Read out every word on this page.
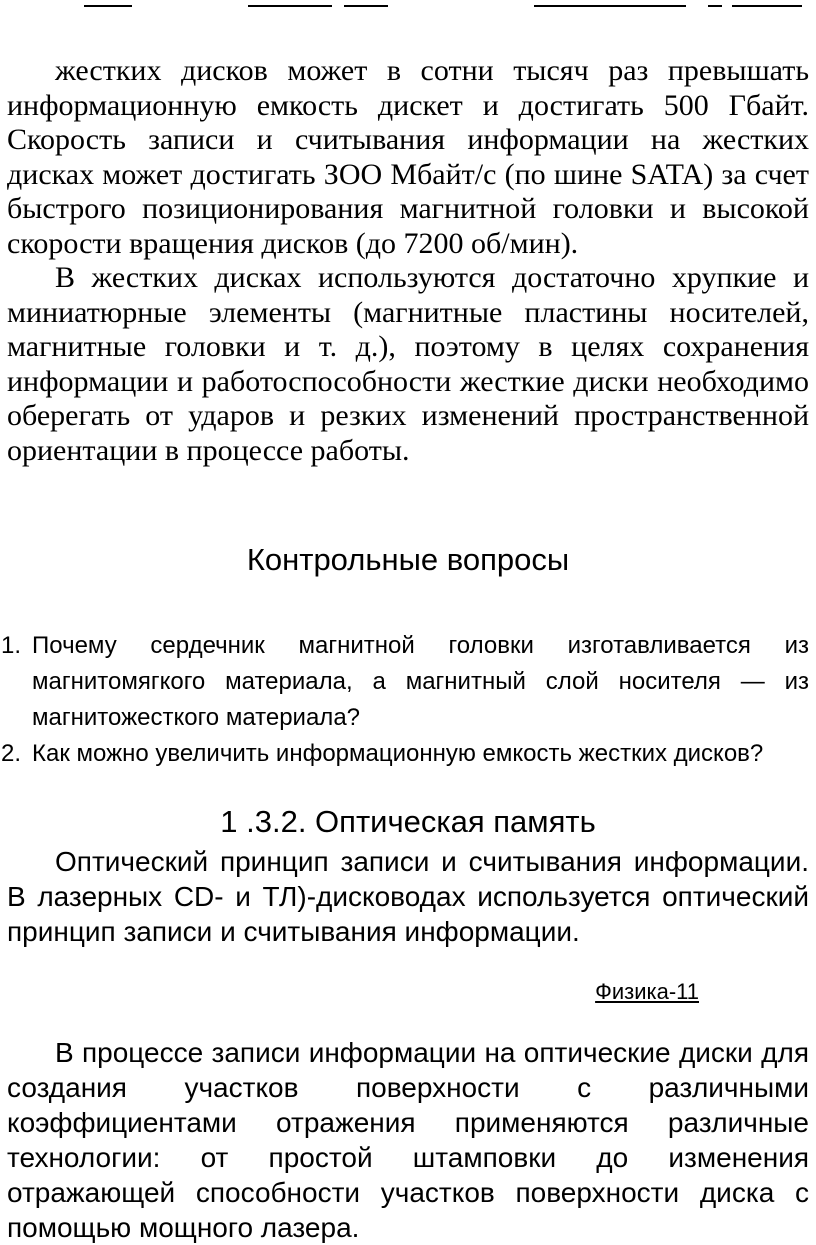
жестких дисков может в сотни тысяч раз превышать информационную емкость дискет и достигать 500 Гбайт. Скорость записи и считывания информации на жестких дисках может достигать ЗОО Мбайт/с (по шине SATA) за счет быстрого позиционирования магнитной головки и высокой скорости вращения дисков (до 7200 об/мин).

В жестких дисках используются достаточно хрупкие и миниатюрные элементы (магнитные пластины носителей, магнитные головки и т. д.), поэтому в целях сохранения информации и работоспособности жесткие диски необходимо оберегать от ударов и резких изменений пространственной ориентации в процессе работы.

Контрольные вопросы
1. Почему сердечник магнитной головки изготавливается из магнитомягкого материала, а магнитный слой носителя — из магнитожесткого материала?
2. Как можно увеличить информационную емкость жестких дисков?
1 .3.2. Оптическая память

Оптический принцип записи и считывания информации. В лазерных CD- и ТЛ)-дисководах используется оптический принцип записи и считывания информации.

Физика-11

В процессе записи информации на оптические диски для создания участков поверхности с различными коэффициентами отражения применяются различные технологии: от простой штамповки до изменения отражающей способности участков поверхности диска с помощью мощного лазера.
